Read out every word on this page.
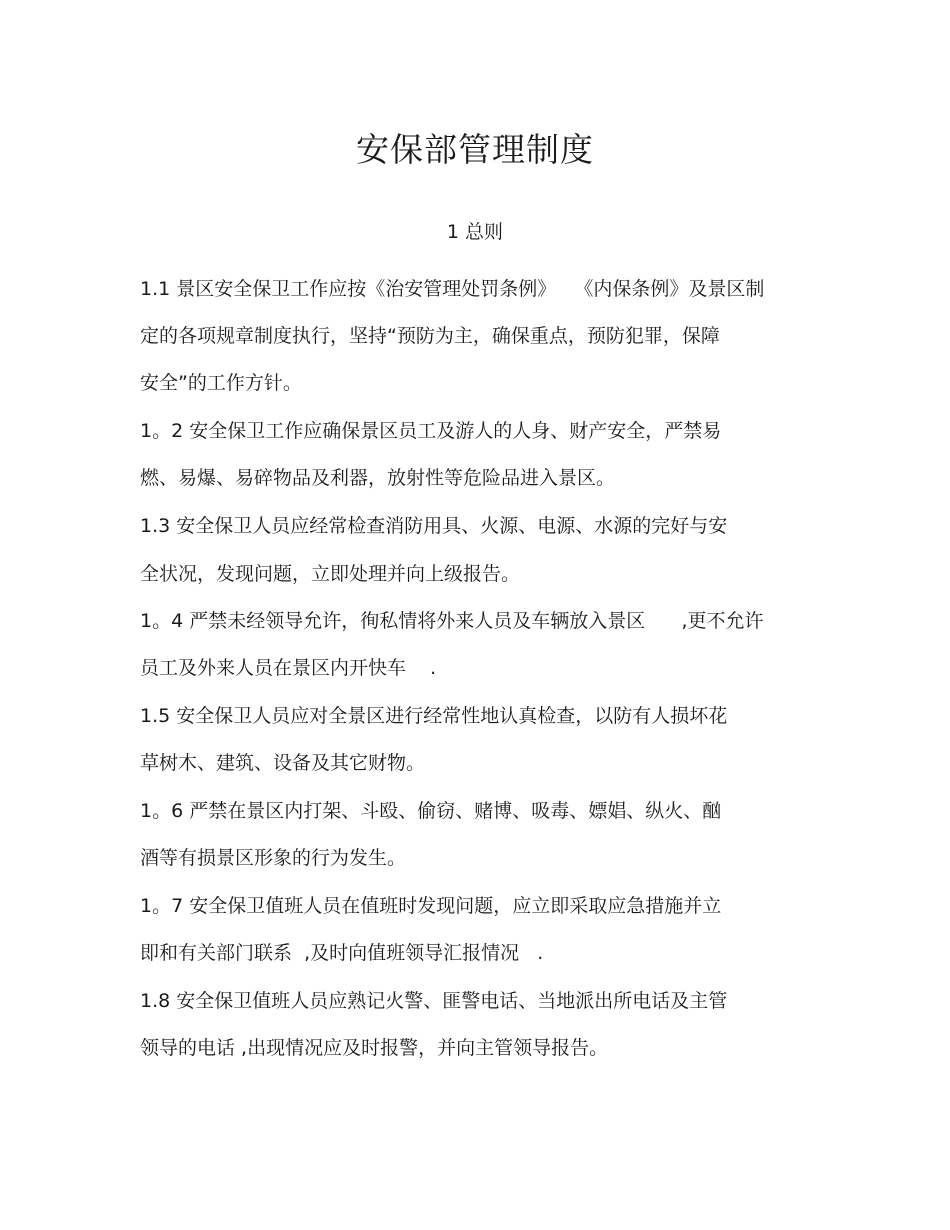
安保部管理制度
1 总则

1.1 景区安全保卫工作应按《治安管理处罚条例》   《内保条例》及景区制

定的各项规章制度执行，坚持“预防为主，确保重点，预防犯罪，保障

安全”的工作方针。

1。2 安全保卫工作应确保景区员工及游人的人身、财产安全，严禁易

燃、易爆、易碎物品及利器，放射性等危险品进入景区。

1.3 安全保卫人员应经常检查消防用具、火源、电源、水源的完好与安

全状况，发现问题，立即处理并向上级报告。

1。4 严禁未经领导允许，徇私情将外来人员及车辆放入景区      ,更不允许

员工及外来人员在景区内开快车    .

1.5 安全保卫人员应对全景区进行经常性地认真检查，以防有人损坏花

草树木、建筑、设备及其它财物。

1。6 严禁在景区内打架、斗殴、偷窃、赌博、吸毒、嫖娼、纵火、酗

酒等有损景区形象的行为发生。

1。7 安全保卫值班人员在值班时发现问题，应立即采取应急措施并立

即和有关部门联系  ,及时向值班领导汇报情况   .

1.8 安全保卫值班人员应熟记火警、匪警电话、当地派出所电话及主管

领导的电话 ,出现情况应及时报警，并向主管领导报告。
